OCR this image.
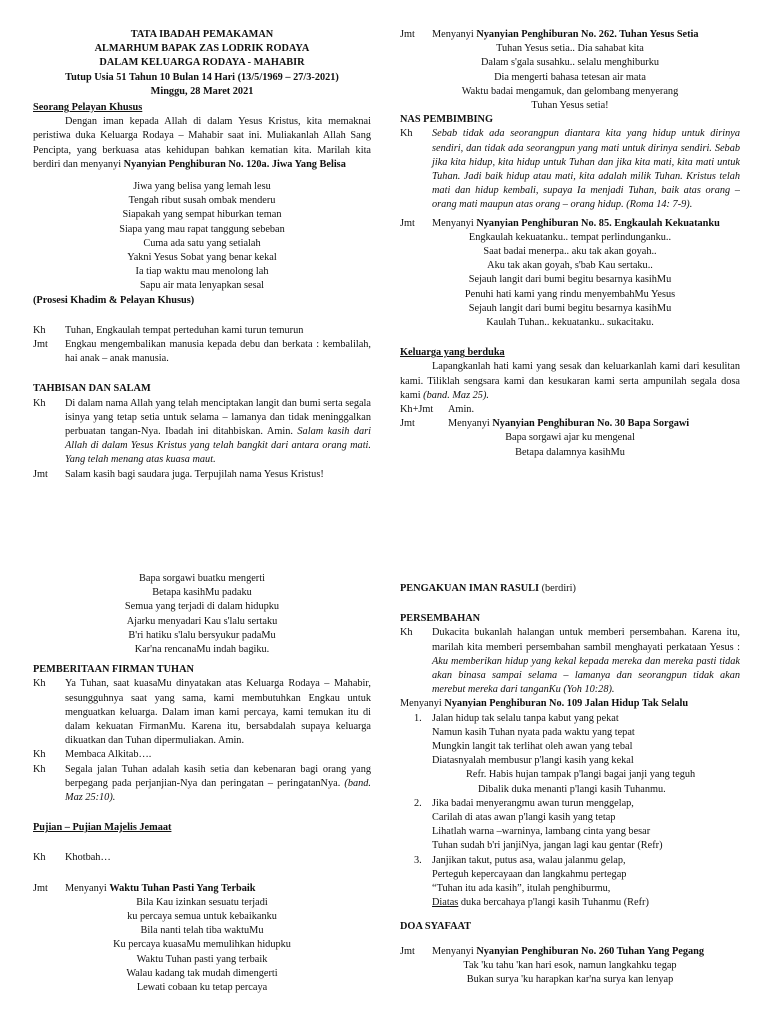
TATA IBADAH PEMAKAMAN
ALMARHUM BAPAK ZAS LODRIK RODAYA
DALAM KELUARGA RODAYA - MAHABIR
Tutup Usia 51 Tahun 10 Bulan 14 Hari (13/5/1969 – 27/3-2021)
Minggu, 28 Maret 2021
Seorang Pelayan Khusus
Dengan iman kepada Allah di dalam Yesus Kristus, kita memaknai peristiwa duka Keluarga Rodaya – Mahabir saat ini. Muliakanlah Allah Sang Pencipta, yang berkuasa atas kehidupan bahkan kematian kita. Marilah kita berdiri dan menyanyi Nyanyian Penghiburan No. 120a. Jiwa Yang Belisa
Jiwa yang belisa yang lemah lesu
Tengah ribut susah ombak menderu
Siapakah yang sempat hiburkan teman
Siapa yang mau rapat tanggung sebeban
Cuma ada satu yang setialah
Yakni Yesus Sobat yang benar kekal
Ia tiap waktu mau menolong lah
Sapu air mata lenyapkan sesal
(Prosesi Khadim & Pelayan Khusus)
Kh	Tuhan, Engkaulah tempat perteduhan kami turun temurun
Jmt	Engkau mengembalikan manusia kepada debu dan berkata : kembalilah, hai anak – anak manusia.
TAHBISAN DAN SALAM
Kh	Di dalam nama Allah yang telah menciptakan langit dan bumi serta segala isinya yang tetap setia untuk selama – lamanya dan tidak meninggalkan perbuatan tangan-Nya. Ibadah ini ditahbiskan. Amin. Salam kasih dari Allah di dalam Yesus Kristus yang telah bangkit dari antara orang mati. Yang telah menang atas kuasa maut.
Jmt	Salam kasih bagi saudara juga. Terpujilah nama Yesus Kristus!
Jmt	Menyanyi Nyanyian Penghiburan No. 262. Tuhan Yesus Setia
Tuhan Yesus setia.. Dia sahabat kita
Dalam s'gala susahku.. selalu menghiburku
Dia mengerti bahasa tetesan air mata
Waktu badai mengamuk, dan gelombang menyerang
Tuhan Yesus setia!
NAS PEMBIMBING
Kh	Sebab tidak ada seorangpun diantara kita yang hidup untuk dirinya sendiri, dan tidak ada seorangpun yang mati untuk dirinya sendiri. Sebab jika kita hidup, kita hidup untuk Tuhan dan jika kita mati, kita mati untuk Tuhan. Jadi baik hidup atau mati, kita adalah milik Tuhan. Kristus telah mati dan hidup kembali, supaya Ia menjadi Tuhan, baik atas orang – orang mati maupun atas orang – orang hidup. (Roma 14: 7-9).
Jmt	Menyanyi Nyanyian Penghiburan No. 85. Engkaulah Kekuatanku
Engkaulah kekuatanku.. tempat perlindunganku..
Saat badai menerpa.. aku tak akan goyah..
Aku tak akan goyah, s'bab Kau sertaku..
Sejauh langit dari bumi begitu besarnya kasihMu
Penuhi hati kami yang rindu menyembahMu Yesus
Sejauh langit dari bumi begitu besarnya kasihMu
Kaulah Tuhan.. kekuatanku.. sukacitaku.
Keluarga yang berduka
Lapangkanlah hati kami yang sesak dan keluarkanlah kami dari kesulitan kami. Tiliklah sengsara kami dan kesukaran kami serta ampunilah segala dosa kami (band. Maz 25).
Kh+Jmt	Amin.
Jmt	Menyanyi Nyanyian Penghiburan No. 30 Bapa Sorgawi
Bapa sorgawi ajar ku mengenal
Betapa dalamnya kasihMu
Bapa sorgawi buatku mengerti
Betapa kasihMu padaku
Semua yang terjadi di dalam hidupku
Ajarku menyadari Kau s'lalu sertaku
B'ri hatiku s'lalu bersyukur padaMu
Kar'na rencanaMu indah bagiku.
PEMBERITAAN FIRMAN TUHAN
Kh	Ya Tuhan, saat kuasaMu dinyatakan atas Keluarga Rodaya – Mahabir, sesungguhnya saat yang sama, kami membutuhkan Engkau untuk menguatkan keluarga. Dalam iman kami percaya, kami temukan itu di dalam kekuatan FirmanMu. Karena itu, bersabdalah supaya keluarga dikuatkan dan Tuhan dipermuliakan. Amin.
Kh	Membaca Alkitab….
Kh	Segala jalan Tuhan adalah kasih setia dan kebenaran bagi orang yang berpegang pada perjanjian-Nya dan peringatan – peringatanNya. (band. Maz 25:10).
Pujian – Pujian Majelis Jemaat
Kh	Khotbah…
Jmt	Menyanyi Waktu Tuhan Pasti Yang Terbaik
Bila Kau izinkan sesuatu terjadi
ku percaya semua untuk kebaikanku
Bila nanti telah tiba waktuMu
Ku percaya kuasaMu memulihkan hidupku
Waktu Tuhan pasti yang terbaik
Walau kadang tak mudah dimengerti
Lewati cobaan ku tetap percaya
PENGAKUAN IMAN RASULI (berdiri)
PERSEMBAHAN
Kh	Dukacita bukanlah halangan untuk memberi persembahan. Karena itu, marilah kita memberi persembahan sambil menghayati perkataan Yesus : Aku memberikan hidup yang kekal kepada mereka dan mereka pasti tidak akan binasa sampai selama – lamanya dan seorangpun tidak akan merebut mereka dari tanganKu (Yoh 10:28).
Menyanyi Nyanyian Penghiburan No. 109 Jalan Hidup Tak Selalu
1. Jalan hidup tak selalu tanpa kabut yang pekat
Namun kasih Tuhan nyata pada waktu yang tepat
Mungkin langit tak terlihat oleh awan yang tebal
Diatasnyalah membusur p'langi kasih yang kekal
Refr. Habis hujan tampak p'langi bagai janji yang teguh
Dibalik duka menanti p'langi kasih Tuhanmu.
2. Jika badai menyerangmu awan turun menggelap,
Carilah di atas awan p'langi kasih yang tetap
Lihatlah warna –warninya, lambang cinta yang besar
Tuhan sudah b'ri janjiNya, jangan lagi kau gentar (Refr)
3. Janjikan takut, putus asa, walau jalanmu gelap,
Perteguh kepercayaan dan langkahmu pertegap
“Tuhan itu ada kasih”, itulah penghiburmu,
Diatas duka bercahaya p'langi kasih Tuhanmu (Refr)
DOA SYAFAAT
Jmt	Menyanyi Nyanyian Penghiburan No. 260 Tuhan Yang Pegang
Tak 'ku tahu 'kan hari esok, namun langkahku tegap
Bukan surya 'ku harapkan kar'na surya kan lenyap
